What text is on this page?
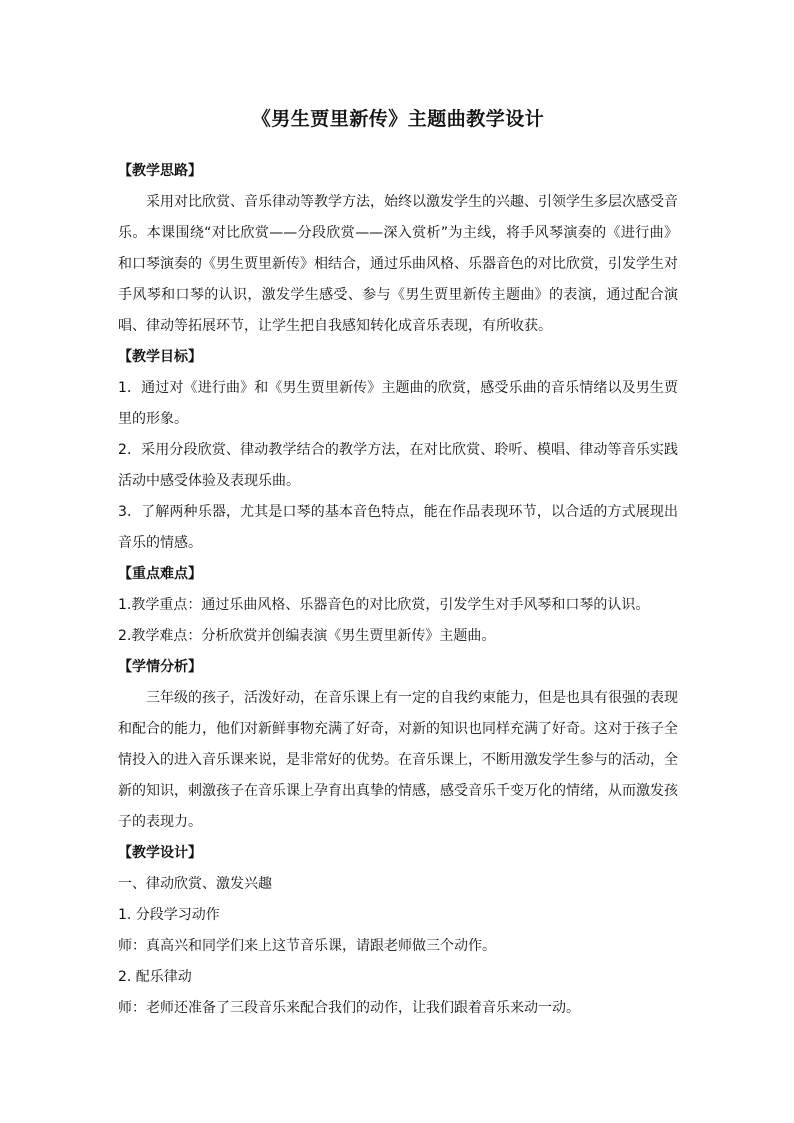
《男生贾里新传》主题曲教学设计
【教学思路】

采用对比欣赏、音乐律动等教学方法，始终以激发学生的兴趣、引领学生多层次感受音乐。本课围绕“对比欣赏——分段欣赏——深入赏析”为主线，将手风琴演奏的《进行曲》和口琴演奏的《男生贾里新传》相结合，通过乐曲风格、乐器音色的对比欣赏，引发学生对手风琴和口琴的认识，激发学生感受、参与《男生贾里新传主题曲》的表演，通过配合演唱、律动等拓展环节，让学生把自我感知转化成音乐表现，有所收获。

【教学目标】

1．通过对《进行曲》和《男生贾里新传》主题曲的欣赏，感受乐曲的音乐情绪以及男生贾里的形象。

2．采用分段欣赏、律动教学结合的教学方法，在对比欣赏、聆听、模唱、律动等音乐实践活动中感受体验及表现乐曲。

3．了解两种乐器，尤其是口琴的基本音色特点，能在作品表现环节，以合适的方式展现出音乐的情感。

【重点难点】

1.教学重点：通过乐曲风格、乐器音色的对比欣赏，引发学生对手风琴和口琴的认识。

2.教学难点：分析欣赏并创编表演《男生贾里新传》主题曲。

【学情分析】

三年级的孩子，活泼好动，在音乐课上有一定的自我约束能力，但是也具有很强的表现和配合的能力，他们对新鲜事物充满了好奇，对新的知识也同样充满了好奇。这对于孩子全情投入的进入音乐课来说，是非常好的优势。在音乐课上，不断用激发学生参与的活动，全新的知识，刺激孩子在音乐课上孕育出真挚的情感，感受音乐千变万化的情绪，从而激发孩子的表现力。

【教学设计】

一、律动欣赏、激发兴趣

1. 分段学习动作

师：真高兴和同学们来上这节音乐课，请跟老师做三个动作。

2. 配乐律动

师：老师还准备了三段音乐来配合我们的动作，让我们跟着音乐来动一动。
